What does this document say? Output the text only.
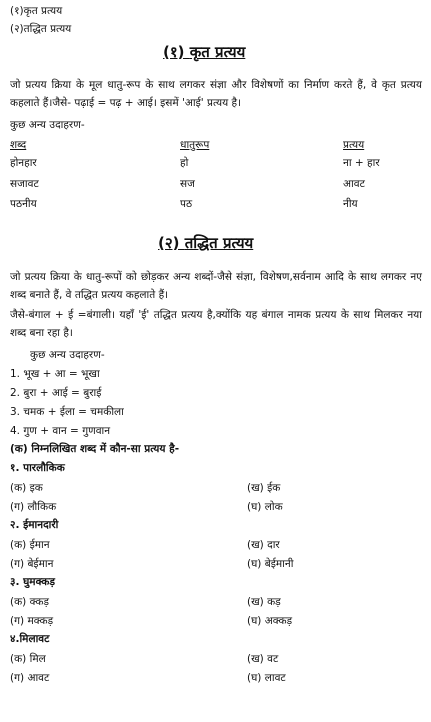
(१)कृत प्रत्यय
(२)तद्धित प्रत्यय
(१) कृत प्रत्यय
जो प्रत्यय क्रिया के मूल धातु-रूप के साथ लगकर संज्ञा और विशेषणों का निर्माण करते हैं, वे कृत प्रत्यय कहलाते हैं।जैसे- पढ़ाई = पढ़ + आई। इसमें 'आई' प्रत्यय है।
कुछ अन्य उदाहरण-
शब्द	धातुरूप	प्रत्यय
होनहार	हो	ना + हार
सजावट	सज	आवट
पठनीय	पठ	नीय
(२) तद्धित प्रत्यय
जो प्रत्यय क्रिया के धातु-रूपों को छोड़कर अन्य शब्दों-जैसे संज्ञा, विशेषण,सर्वनाम आदि के साथ लगकर नए शब्द बनाते हैं, वे तद्धित प्रत्यय कहलाते हैं।
जैसे-बंगाल + ई =बंगाली। यहाँ 'ई' तद्धित प्रत्यय है,क्योंकि यह बंगाल नामक प्रत्यय के साथ मिलकर नया शब्द बना रहा है।
कुछ अन्य उदाहरण-
1. भूख + आ = भूखा
2. बुरा + आई = बुराई
3. चमक + ईला = चमकीला
4. गुण + वान = गुणवान
(क) निम्नलिखित शब्द में कौन-सा प्रत्यय है-
१. पारलौकिक
(क) इक	(ख) ईक
(ग) लौकिक	(घ) लोक
२. ईमानदारी
(क) ईमान	(ख) दार
(ग) बेईमान	(घ) बेईमानी
३. घुमक्कड़
(क) क्कड़	(ख) कड़
(ग) मक्कड़	(घ) अक्कड़
४.मिलावट
(क) मिल	(ख) वट
(ग) आवट	(घ) लावट
